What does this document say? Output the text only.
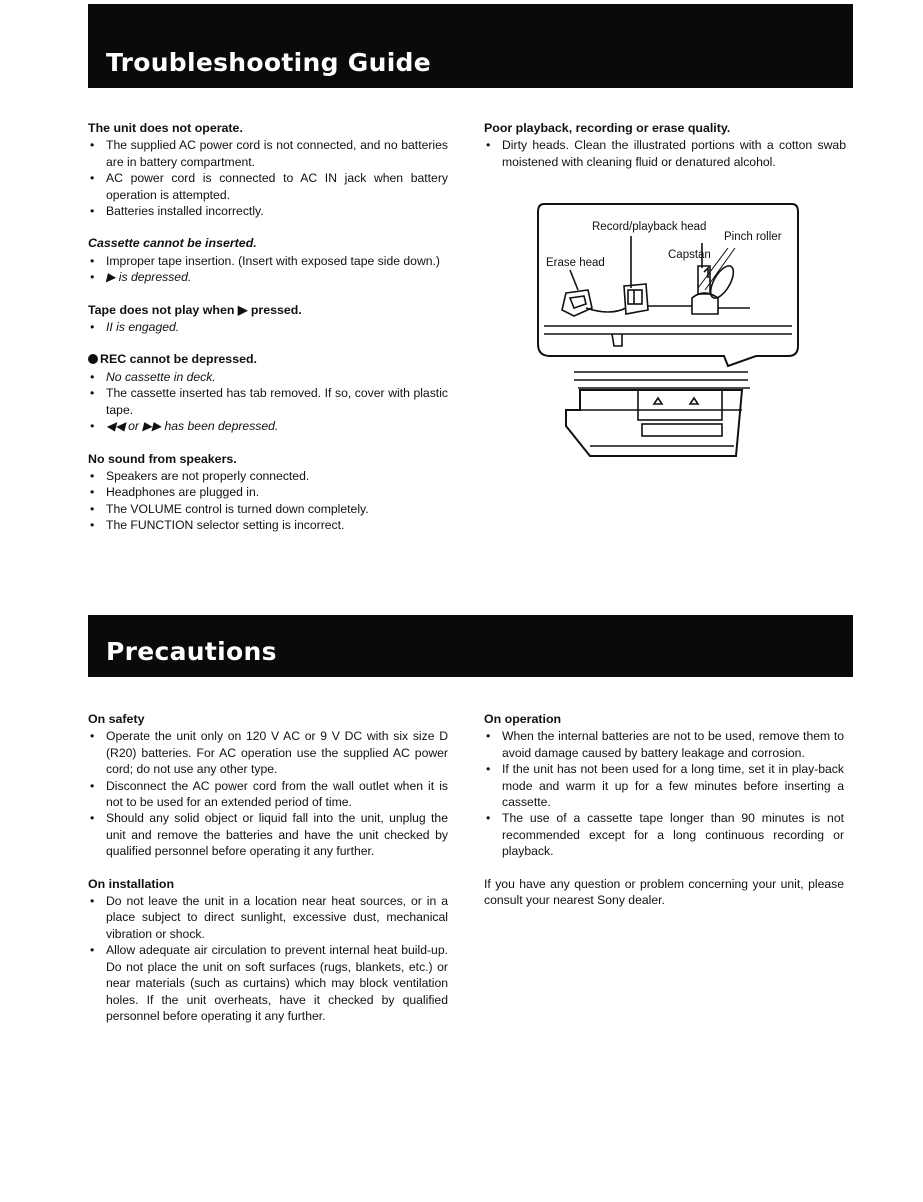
Troubleshooting Guide
The unit does not operate.
• The supplied AC power cord is not connected, and no batteries are in battery compartment.
• AC power cord is connected to AC IN jack when battery operation is attempted.
• Batteries installed incorrectly.
Cassette cannot be inserted.
• Improper tape insertion. (Insert with exposed tape side down.)
• ▶ is depressed.
Tape does not play when ▶ pressed.
• II is engaged.
REC cannot be depressed.
• No cassette in deck.
• The cassette inserted has tab removed. If so, cover with plastic tape.
• ◀◀ or ▶▶ has been depressed.
No sound from speakers.
• Speakers are not properly connected.
• Headphones are plugged in.
• The VOLUME control is turned down completely.
• The FUNCTION selector setting is incorrect.
Poor playback, recording or erase quality.
• Dirty heads. Clean the illustrated portions with a cotton swab moistened with cleaning fluid or denatured alcohol.
Record/playback head
Pinch roller
Capstan
Erase head
Precautions
On safety
• Operate the unit only on 120 V AC or 9 V DC with six size D (R20) batteries. For AC operation use the supplied AC power cord; do not use any other type.
• Disconnect the AC power cord from the wall outlet when it is not to be used for an extended period of time.
• Should any solid object or liquid fall into the unit, unplug the unit and remove the batteries and have the unit checked by qualified personnel before operating it any further.
On installation
• Do not leave the unit in a location near heat sources, or in a place subject to direct sunlight, excessive dust, mechanical vibration or shock.
• Allow adequate air circulation to prevent internal heat build-up. Do not place the unit on soft surfaces (rugs, blankets, etc.) or near materials (such as curtains) which may block ventilation holes. If the unit overheats, have it checked by qualified personnel before operating it any further.
On operation
• When the internal batteries are not to be used, remove them to avoid damage caused by battery leakage and corrosion.
• If the unit has not been used for a long time, set it in play-back mode and warm it up for a few minutes before inserting a cassette.
• The use of a cassette tape longer than 90 minutes is not recommended except for a long continuous recording or playback.

If you have any question or problem concerning your unit, please consult your nearest Sony dealer.
